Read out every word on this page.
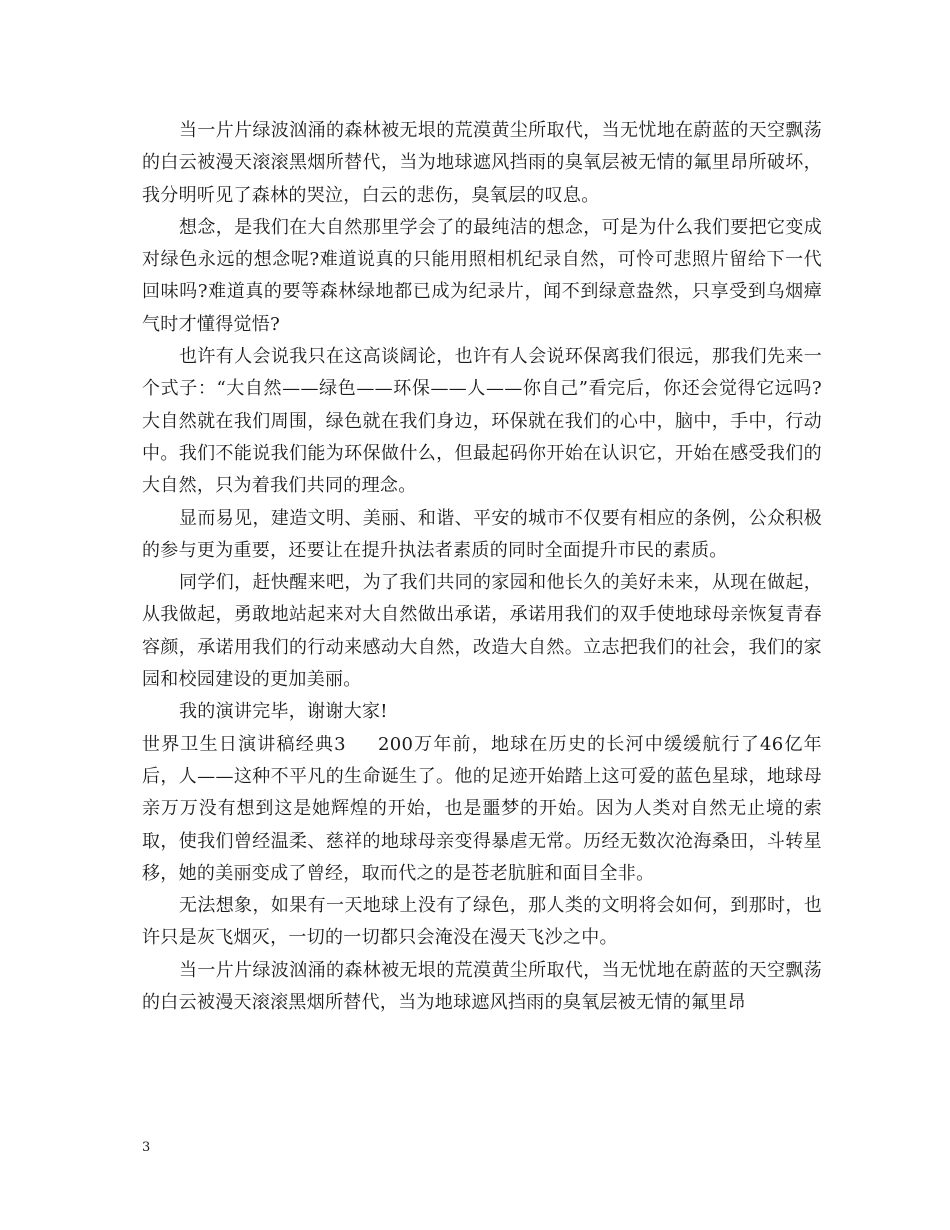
当一片片绿波汹涌的森林被无垠的荒漠黄尘所取代，当无忧地在蔚蓝的天空飘荡的白云被漫天滚滚黑烟所替代，当为地球遮风挡雨的臭氧层被无情的氟里昂所破坏，我分明听见了森林的哭泣，白云的悲伤，臭氧层的叹息。

想念，是我们在大自然那里学会了的最纯洁的想念，可是为什么我们要把它变成对绿色永远的想念呢?难道说真的只能用照相机纪录自然，可怜可悲照片留给下一代回味吗?难道真的要等森林绿地都已成为纪录片，闻不到绿意盎然，只享受到乌烟瘴气时才懂得觉悟?

也许有人会说我只在这高谈阔论，也许有人会说环保离我们很远，那我们先来一个式子：“大自然——绿色——环保——人——你自己”看完后，你还会觉得它远吗?大自然就在我们周围，绿色就在我们身边，环保就在我们的心中，脑中，手中，行动中。我们不能说我们能为环保做什么，但最起码你开始在认识它，开始在感受我们的大自然，只为着我们共同的理念。

显而易见，建造文明、美丽、和谐、平安的城市不仅要有相应的条例，公众积极的参与更为重要，还要让在提升执法者素质的同时全面提升市民的素质。

同学们，赶快醒来吧，为了我们共同的家园和他长久的美好未来，从现在做起，从我做起，勇敢地站起来对大自然做出承诺，承诺用我们的双手使地球母亲恢复青春容颜，承诺用我们的行动来感动大自然，改造大自然。立志把我们的社会，我们的家园和校园建设的更加美丽。

我的演讲完毕，谢谢大家!

世界卫生日演讲稿经典3 200万年前，地球在历史的长河中缓缓航行了46亿年后，人——这种不平凡的生命诞生了。他的足迹开始踏上这可爱的蓝色星球，地球母亲万万没有想到这是她辉煌的开始，也是噩梦的开始。因为人类对自然无止境的索取，使我们曾经温柔、慈祥的地球母亲变得暴虐无常。历经无数次沧海桑田，斗转星移，她的美丽变成了曾经，取而代之的是苍老肮脏和面目全非。

无法想象，如果有一天地球上没有了绿色，那人类的文明将会如何，到那时，也许只是灰飞烟灭，一切的一切都只会淹没在漫天飞沙之中。

当一片片绿波汹涌的森林被无垠的荒漠黄尘所取代，当无忧地在蔚蓝的天空飘荡的白云被漫天滚滚黑烟所替代，当为地球遮风挡雨的臭氧层被无情的氟里昂

3
